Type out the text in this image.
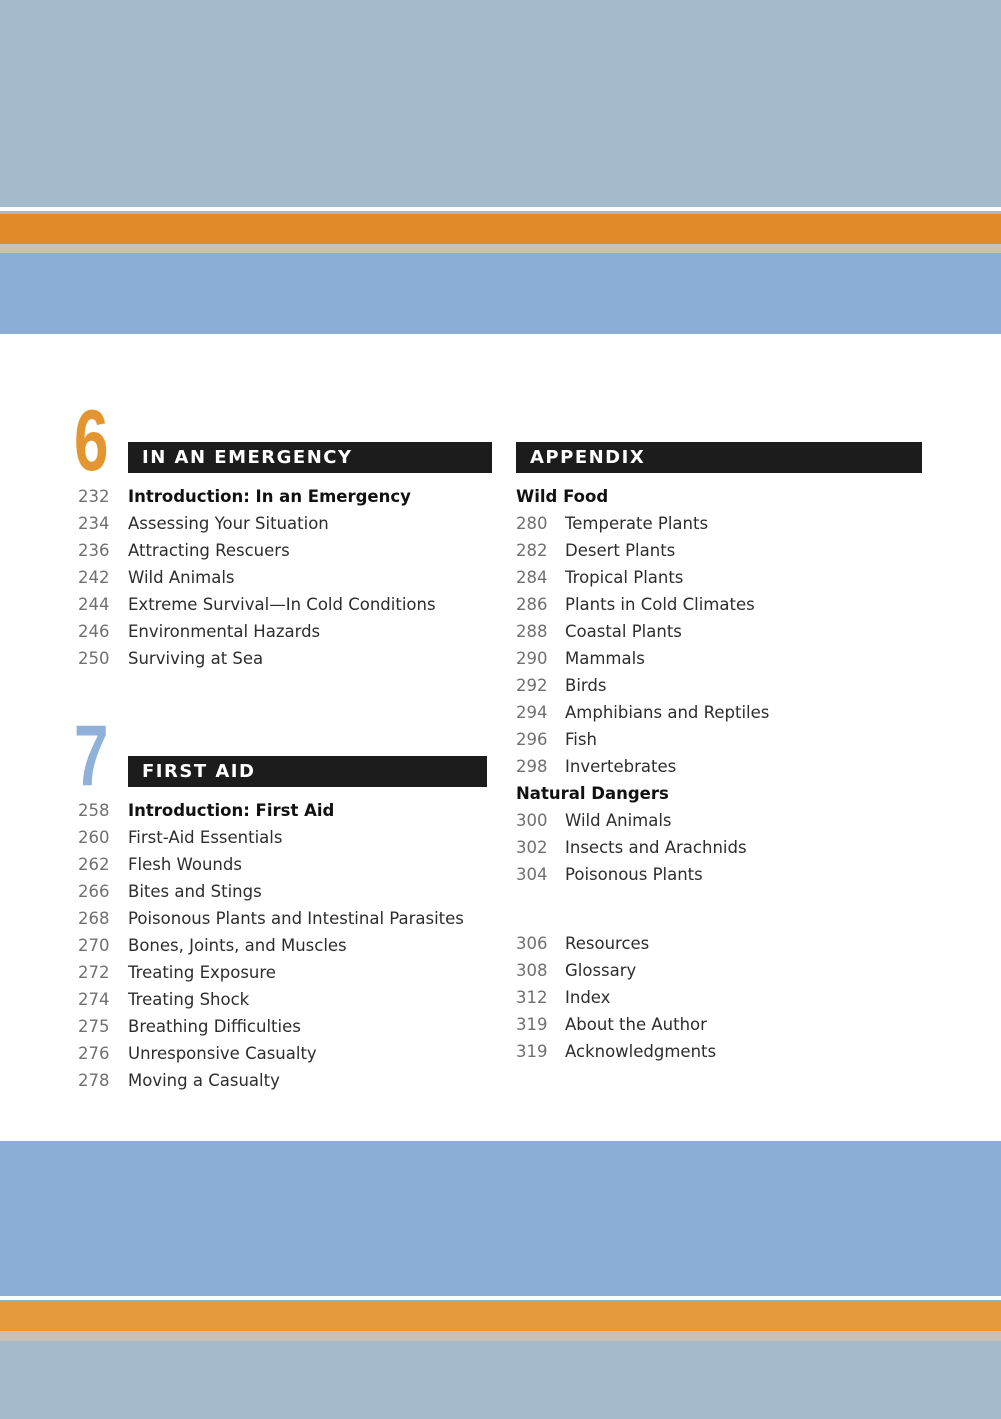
6	IN AN EMERGENCY
232 Introduction: In an Emergency
234 Assessing Your Situation
236 Attracting Rescuers
242 Wild Animals
244 Extreme Survival—In Cold Conditions
246 Environmental Hazards
250 Surviving at Sea
7	FIRST AID
258 Introduction: First Aid
260 First-Aid Essentials
262 Flesh Wounds
266 Bites and Stings
268 Poisonous Plants and Intestinal Parasites
270 Bones, Joints, and Muscles
272 Treating Exposure
274 Treating Shock
275 Breathing Difficulties
276 Unresponsive Casualty
278 Moving a Casualty
APPENDIX
Wild Food
280 Temperate Plants
282 Desert Plants
284 Tropical Plants
286 Plants in Cold Climates
288 Coastal Plants
290 Mammals
292 Birds
294 Amphibians and Reptiles
296 Fish
298 Invertebrates
Natural Dangers
300 Wild Animals
302 Insects and Arachnids
304 Poisonous Plants
306 Resources
308 Glossary
312 Index
319 About the Author
319 Acknowledgments
